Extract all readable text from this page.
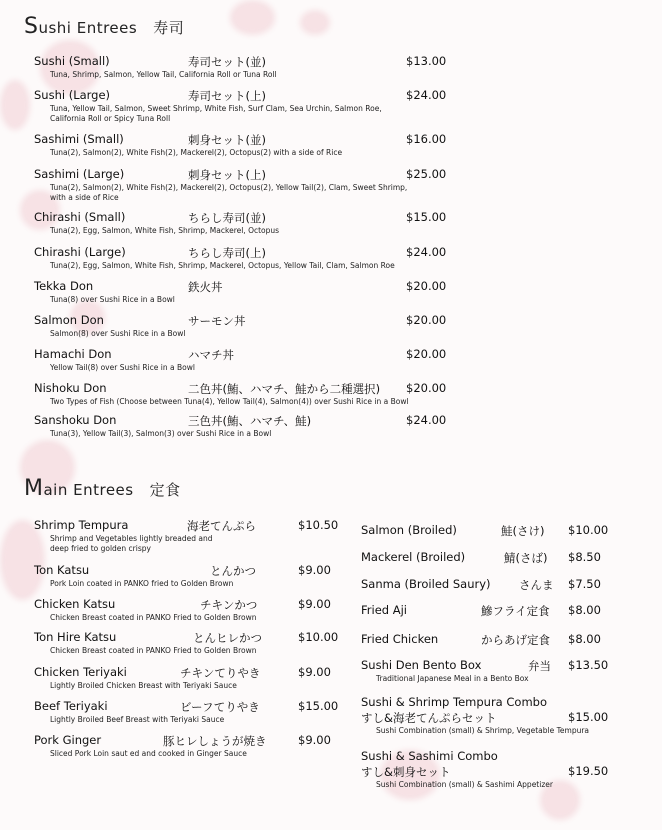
Sushi Entrees 寿司
Main Entrees 定食
Sushi (Small)	寿司セット(並)	$13.00
Tuna, Shrimp, Salmon, Yellow Tail, California Roll or Tuna Roll
Sushi (Large)	寿司セット(上)	$24.00
Tuna, Yellow Tail, Salmon, Sweet Shrimp, White Fish, Surf Clam, Sea Urchin, Salmon Roe,
California Roll or Spicy Tuna Roll
Sashimi (Small)	刺身セット(並)	$16.00
Tuna(2), Salmon(2), White Fish(2), Mackerel(2), Octopus(2) with a side of Rice
Sashimi (Large)	刺身セット(上)	$25.00
Tuna(2), Salmon(2), White Fish(2), Mackerel(2), Octopus(2), Yellow Tail(2), Clam, Sweet Shrimp,
with a side of Rice
Chirashi (Small)	ちらし寿司(並)	$15.00
Tuna(2), Egg, Salmon, White Fish, Shrimp, Mackerel, Octopus
Chirashi (Large)	ちらし寿司(上)	$24.00
Tuna(2), Egg, Salmon, White Fish, Shrimp, Mackerel, Octopus, Yellow Tail, Clam, Salmon Roe
Tekka Don	鉄火丼	$20.00
Tuna(8) over Sushi Rice in a Bowl
Salmon Don	サーモン丼	$20.00
Salmon(8) over Sushi Rice in a Bowl
Hamachi Don	ハマチ丼	$20.00
Yellow Tail(8) over Sushi Rice in a Bowl
Nishoku Don	二色丼(鮪、ハマチ、鮭から二種選択) $20.00
Two Types of Fish (Choose between Tuna(4), Yellow Tail(4), Salmon(4)) over Sushi Rice in a Bowl
Sanshoku Don	三色丼(鮪、ハマチ、鮭)	$24.00
Tuna(3), Yellow Tail(3), Salmon(3) over Sushi Rice in a Bowl
Shrimp Tempura	海老てんぷら	$10.50
Shrimp and Vegetables lightly breaded and
deep fried to golden crispy
Ton Katsu	とんかつ	$9.00
Pork Loin coated in PANKO fried to Golden Brown
Chicken Katsu	チキンかつ	$9.00
Chicken Breast coated in PANKO Fried to Golden Brown
Ton Hire Katsu	とんヒレかつ	$10.00
Chicken Breast coated in PANKO Fried to Golden Brown
Chicken Teriyaki	チキンてりやき	$9.00
Lightly Broiled Chicken Breast with Teriyaki Sauce
Beef Teriyaki	ビーフてりやき	$15.00
Lightly Broiled Beef Breast with Teriyaki Sauce
Pork Ginger	豚ヒレしょうが焼き	$9.00
Sliced Pork Loin saut ed and cooked in Ginger Sauce
Salmon (Broiled)	鮭(さけ) $10.00
Mackerel (Broiled)	鯖(さば) $8.50
Sanma (Broiled Saury) さんま $7.50
Fried Aji	鰺フライ定食 $8.00
Fried Chicken	からあげ定食 $8.00
Sushi Den Bento Box	弁当 $13.50
Traditional Japanese Meal in a Bento Box
Sushi & Shrimp Tempura Combo
すし&海老てんぷらセット	$15.00
Sushi Combination (small) & Shrimp, Vegetable Tempura
Sushi & Sashimi Combo
すし&刺身セット	$19.50
Sushi Combination (small) & Sashimi Appetizer
